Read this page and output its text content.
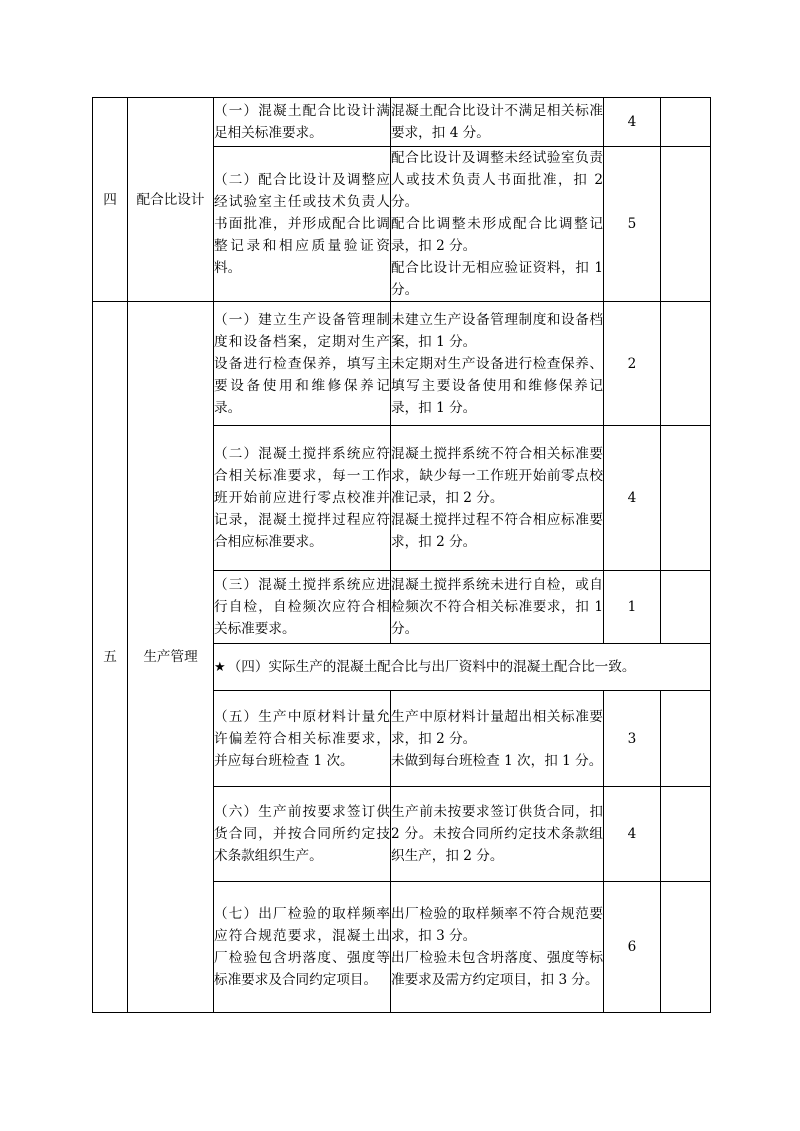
四	配合比设计	（一）混凝土配合比设计满足相关标准要求。	混凝土配合比设计不满足相关标准要求，扣 4 分。	4	
		（二）配合比设计及调整应经试验室主任或技术负责人书面批准，并形成配合比调整记录和相应质量验证资料。	配合比设计及调整未经试验室负责人或技术负责人书面批准，扣 2 分。
配合比调整未形成配合比调整记录，扣 2 分。
配合比设计无相应验证资料，扣 1 分。	5	
五	生产管理	（一）建立生产设备管理制度和设备档案，定期对生产设备进行检查保养，填写主要设备使用和维修保养记录。	未建立生产设备管理制度和设备档案，扣 1 分。
未定期对生产设备进行检查保养、填写主要设备使用和维修保养记录，扣 1 分。	2	
		（二）混凝土搅拌系统应符合相关标准要求，每一工作班开始前应进行零点校准并记录，混凝土搅拌过程应符合相应标准要求。	混凝土搅拌系统不符合相关标准要求，缺少每一工作班开始前零点校准记录，扣 2 分。
混凝土搅拌过程不符合相应标准要求，扣 2 分。	4	
		（三）混凝土搅拌系统应进行自检，自检频次应符合相关标准要求。	混凝土搅拌系统未进行自检，或自检频次不符合相关标准要求，扣 1 分。	1	
		★ （四）实际生产的混凝土配合比与出厂资料中的混凝土配合比一致。			
		（五）生产中原材料计量允许偏差符合相关标准要求，并应每台班检查 1 次。	生产中原材料计量超出相关标准要求，扣 2 分。
未做到每台班检查 1 次，扣 1 分。	3	
		（六）生产前按要求签订供货合同，并按合同所约定技术条款组织生产。	生产前未按要求签订供货合同，扣 2 分。未按合同所约定技术条款组织生产，扣 2 分。	4	
		（七）出厂检验的取样频率应符合规范要求，混凝土出厂检验包含坍落度、强度等标准要求及合同约定项目。	出厂检验的取样频率不符合规范要求，扣 3 分。
出厂检验未包含坍落度、强度等标准要求及需方约定项目，扣 3 分。	6	
